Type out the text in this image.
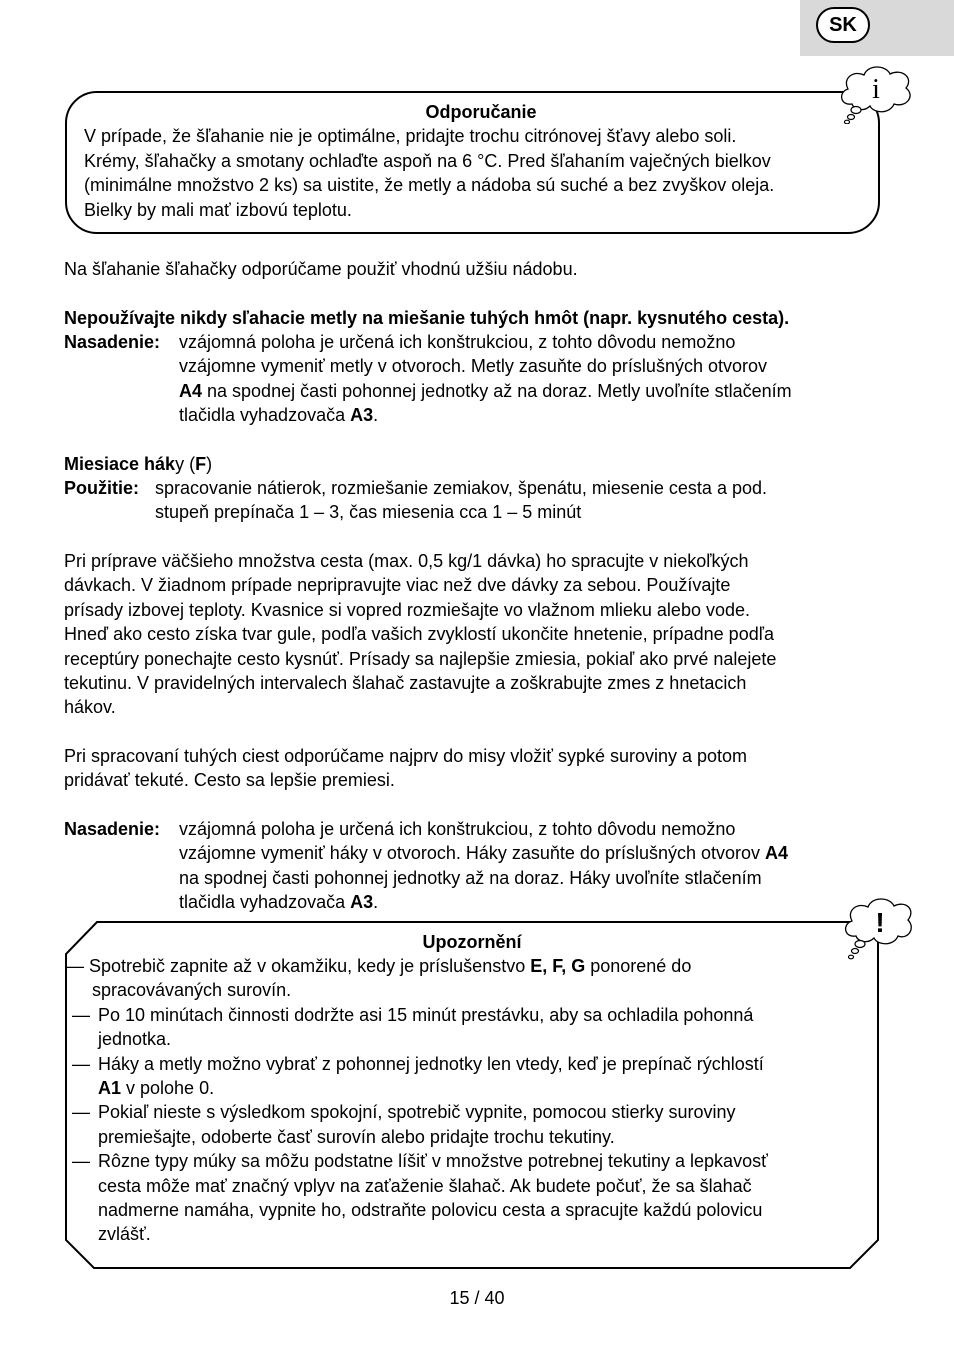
SK
Odporučanie

V prípade, že šľahanie nie je optimálne, pridajte trochu citrónovej šťavy alebo soli.

Krémy, šľahačky a smotany ochlaďte aspoň na 6 °C. Pred šľahaním vaječných bielkov

(minimálne množstvo 2 ks) sa uistite, že metly a nádoba sú suché a bez zvyškov oleja.

Bielky by mali mať izbovú teplotu.

i

Na šľahanie šľahačky odporúčame použiť vhodnú užšiu nádobu.

Nepoužívajte nikdy sľahacie metly na miešanie tuhých hmôt (napr. kysnutého cesta).

Nasadenie: vzájomná poloha je určená ich konštrukciou, z tohto dôvodu nemožno
vzájomne vymeniť metly v otvoroch. Metly zasuňte do príslušných otvorov
A4 na spodnej časti pohonnej jednotky až na doraz. Metly uvoľníte stlačením
tlačidla vyhadzovača A3.
Miesiace háky (F)
Použitie: spracovanie nátierok, rozmiešanie zemiakov, špenátu, miesenie cesta a pod.
stupeň prepínača 1 – 3, čas miesenia cca 1 – 5 minút
Pri príprave väčšieho množstva cesta (max. 0,5 kg/1 dávka) ho spracujte v niekoľkých
dávkach. V žiadnom prípade nepripravujte viac než dve dávky za sebou. Používajte
prísady izbovej teploty. Kvasnice si vopred rozmiešajte vo vlažnom mlieku alebo vode.
Hneď ako cesto získa tvar gule, podľa vašich zvyklostí ukončite hnetenie, prípadne podľa
receptúry ponechajte cesto kysnúť. Prísady sa najlepšie zmiesia, pokiaľ ako prvé nalejete
tekutinu. V pravidelných intervalech šlahač zastavujte a zoškrabujte zmes z hnetacich
hákov.
Pri spracovaní tuhých ciest odporúčame najprv do misy vložiť sypké suroviny a potom
pridávať tekuté. Cesto sa lepšie premiesi.
Nasadenie: vzájomná poloha je určená ich konštrukciou, z tohto dôvodu nemožno
vzájomne vymeniť háky v otvoroch. Háky zasuňte do príslušných otvorov A4
na spodnej časti pohonnej jednotky až na doraz. Háky uvoľníte stlačením
tlačidla vyhadzovača A3.
!
Upozornění
— Spotrebič zapnite až v okamžiku, kedy je príslušenstvo E, F, G ponorené do
spracovávaných surovín.
— Po 10 minútach činnosti dodržte asi 15 minút prestávku, aby sa ochladila pohonná
jednotka.
— Háky a metly možno vybrať z pohonnej jednotky len vtedy, keď je prepínač rýchlostí
A1 v polohe 0.
— Pokiaľ nieste s výsledkom spokojní, spotrebič vypnite, pomocou stierky suroviny
premiešajte, odoberte časť surovín alebo pridajte trochu tekutiny.
— Rôzne typy múky sa môžu podstatne líšiť v množstve potrebnej tekutiny a lepkavosť
cesta môže mať značný vplyv na zaťaženie šlahač. Ak budete počuť, že sa šlahač
nadmerne namáha, vypnite ho, odstraňte polovicu cesta a spracujte každú polovicu
zvlášť.
15 / 40
